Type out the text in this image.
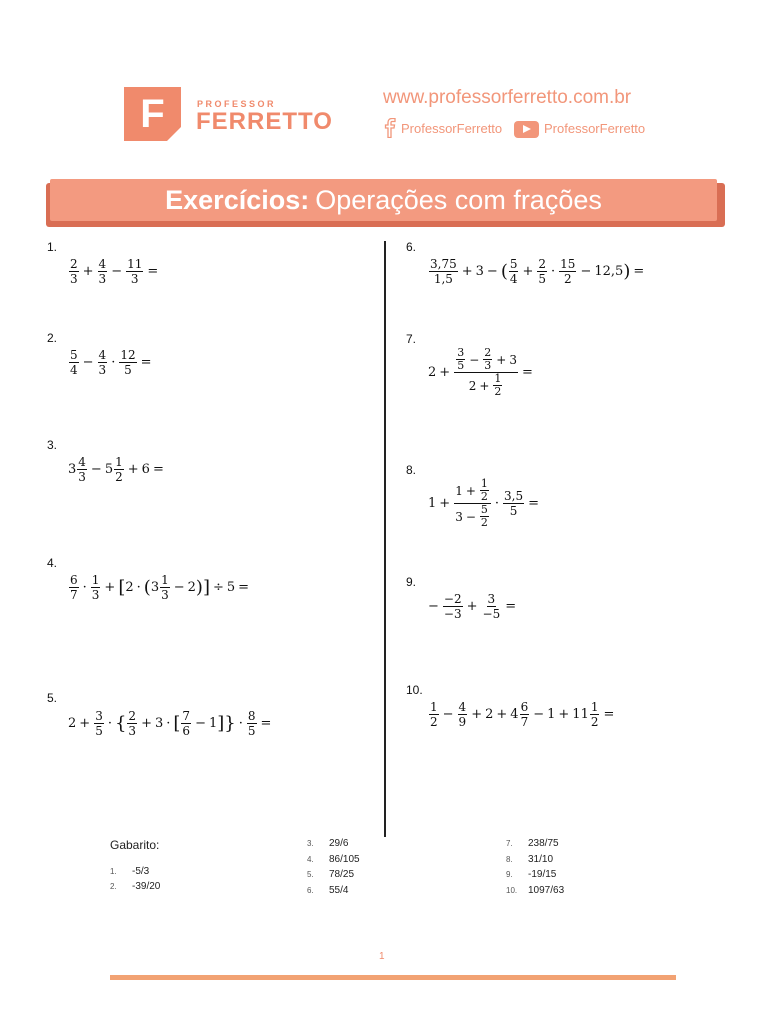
F	PROFESSOR
FERRETTO
www.professorferretto.com.br
ProfessorFerretto	ProfessorFerretto
Exercícios: Operações com frações
1.
$\frac{2}{3} + \frac{4}{3} - \frac{11}{3}$ =
2.
$\frac{5}{4} - \frac{4}{3} \cdot \frac{12}{5}$ =
3.
$3 \frac{4}{3} - 5 \frac{1}{2} + 6$ =
4.
$\frac{6}{7} \cdot \frac{1}{3}$ + [ 2 · ( $3 \frac{1}{3} - 2$ ) ] ÷ 5 =
5.
$2 + \frac{3}{5}$ · { $\frac{2}{3} + 3$ · [ $\frac{7}{6} - 1$ ] } · $\frac{8}{5}$ =
6.
$\frac{3,75}{1,5} + 3$ − ( $\frac{5}{4} + \frac{2}{5} \cdot \frac{15}{2} - 12,5$ ) =
7.
$2 + \frac{\frac{3}{5} - \frac{2}{3} + 3}{2 + \frac{1}{2}}$ =
8.
$1 + \frac{1 + \frac{1}{2}}{3 - \frac{5}{2}} \cdot \frac{3,5}{5}$ =
9.
− $\frac{-2}{-3} + \frac{3}{-5}$ =
10.
$\frac{1}{2} - \frac{4}{9} + 2 + 4 \frac{6}{7} - 1 + 11 \frac{1}{2}$ =
Gabarito:
1. -5/3
2. -39/20
3. 29/6
4. 86/105
5. 78/25
6. 55/4
7. 238/75
8. 31/10
9. -19/15
10. 1097/63
1
